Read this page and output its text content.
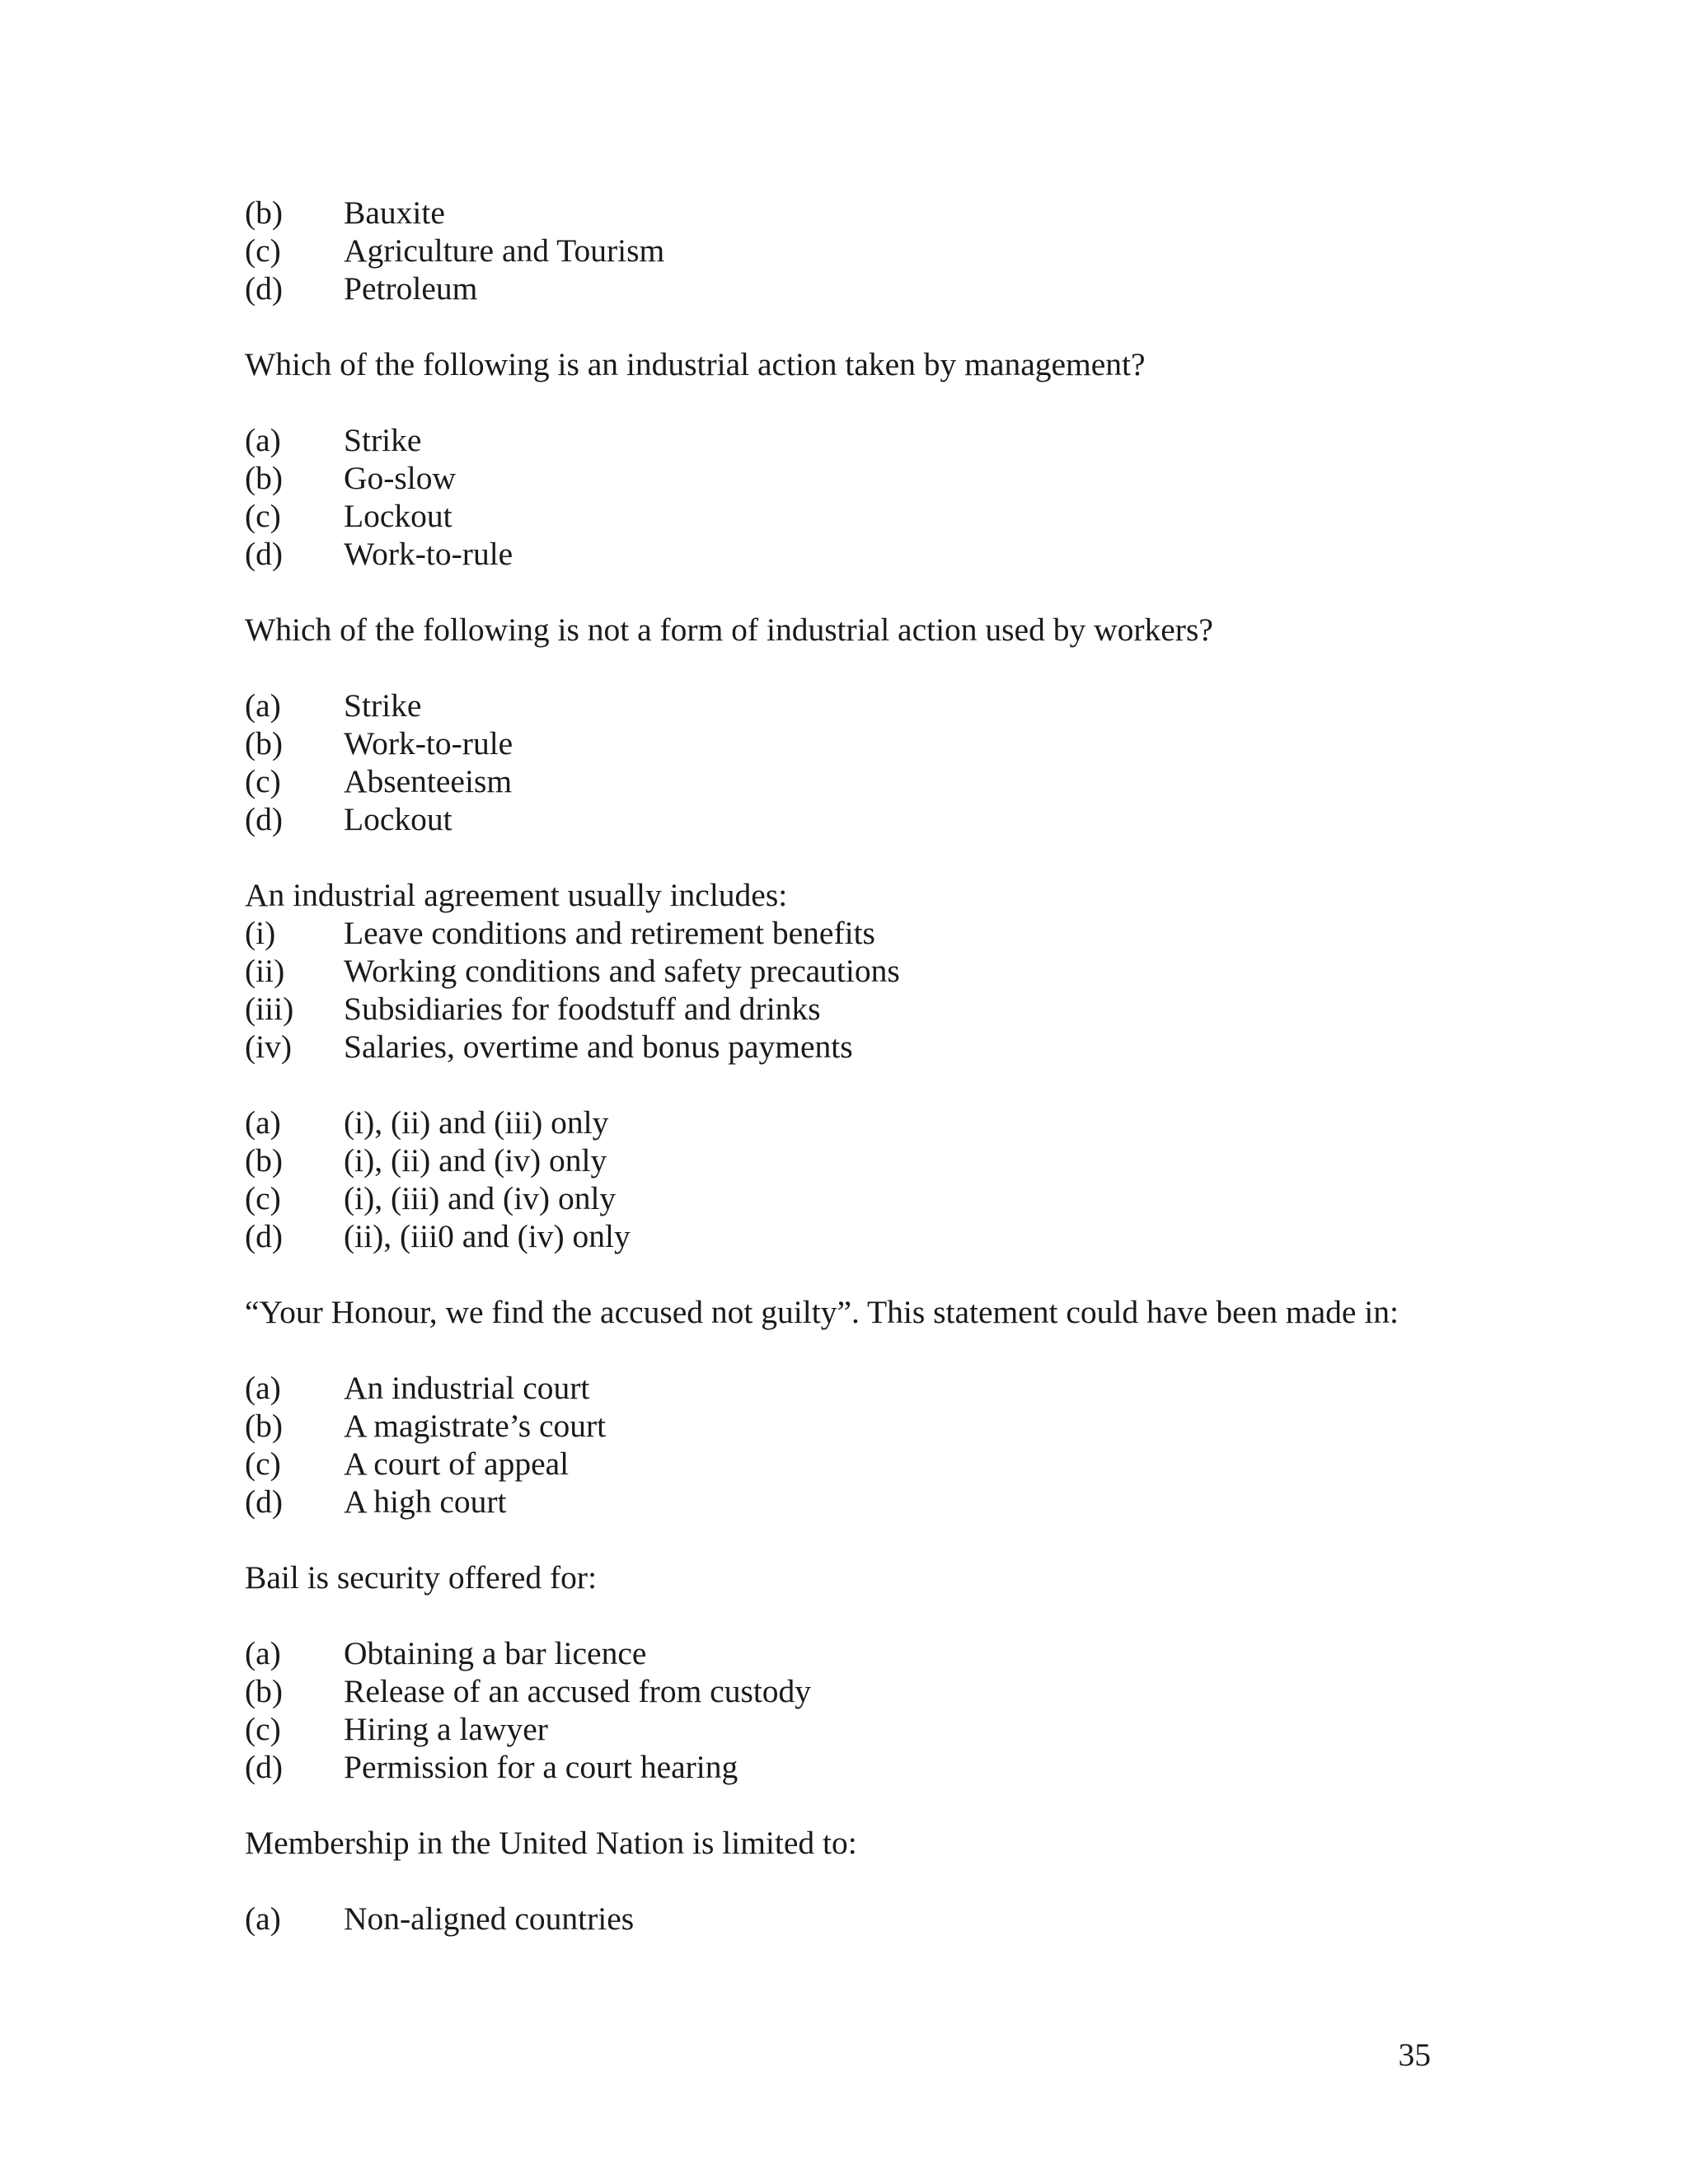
(b)	Bauxite
(c)	Agriculture and Tourism
(d)	Petroleum
Which of the following is an industrial action taken by management?
(a)	Strike
(b)	Go-slow
(c)	Lockout
(d)	Work-to-rule
Which of the following is not a form of industrial action used by workers?
(a)	Strike
(b)	Work-to-rule
(c)	Absenteeism
(d)	Lockout
An industrial agreement usually includes:
(i)	Leave conditions and retirement benefits
(ii)	Working conditions and safety precautions
(iii)	Subsidiaries for foodstuff and drinks
(iv)	Salaries, overtime and bonus payments
(a)	(i), (ii) and (iii) only
(b)	(i), (ii) and (iv) only
(c)	(i), (iii) and (iv) only
(d)	(ii), (iii0 and (iv) only
“Your Honour, we find the accused not guilty”. This statement could have been made in:
(a)	An industrial court
(b)	A magistrate’s court
(c)	A court of appeal
(d)	A high court
Bail is security offered for:
(a)	Obtaining a bar licence
(b)	Release of an accused from custody
(c)	Hiring a lawyer
(d)	Permission for a court hearing
Membership in the United Nation is limited to:
(a)	Non-aligned countries
35
